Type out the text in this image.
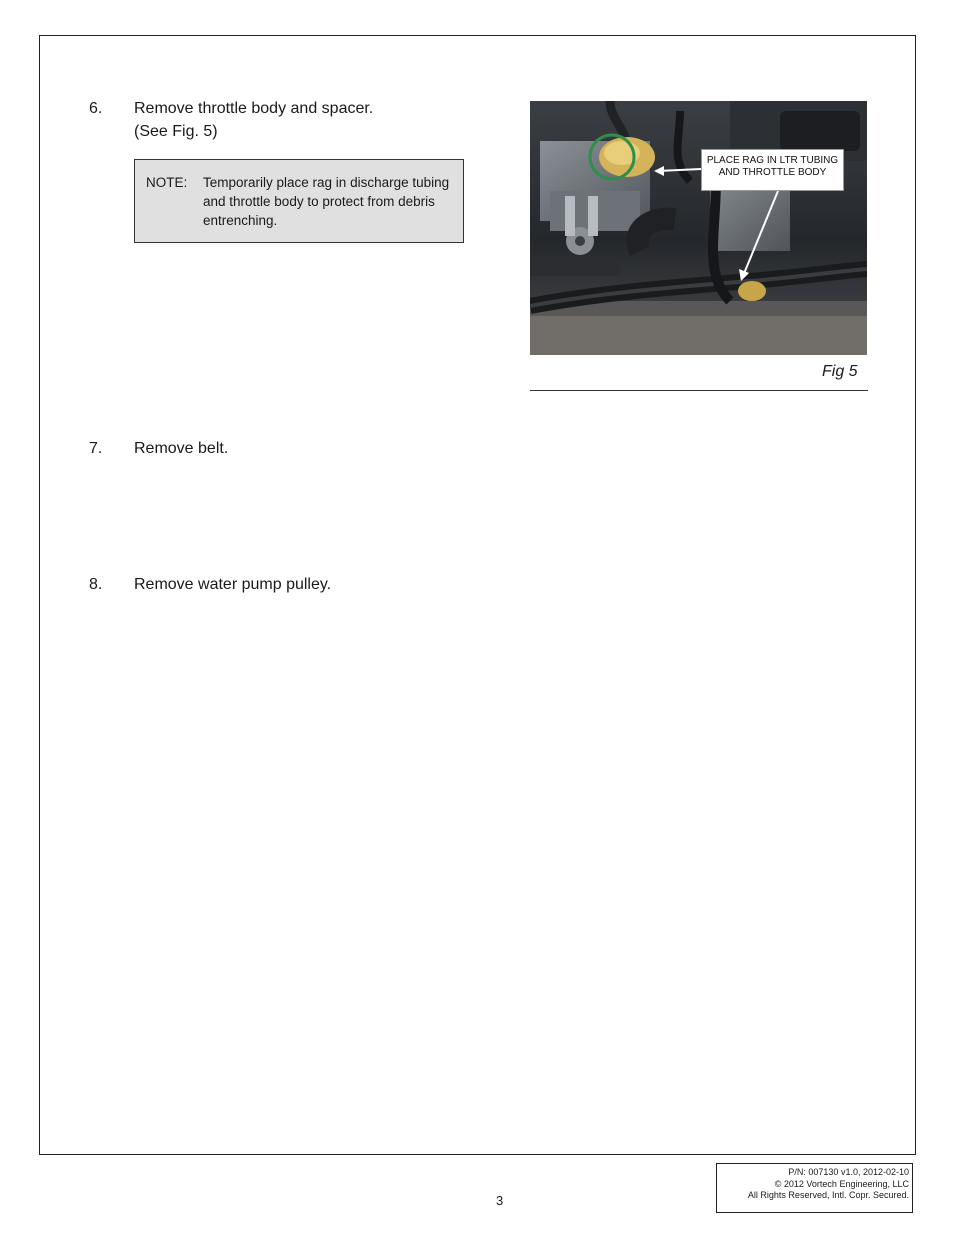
6. Remove throttle body and spacer.
(See Fig. 5)
NOTE: Temporarily place rag in discharge tubing and throttle body to protect from debris entrenching.
PLACE RAG IN LTR TUBING
AND THROTTLE BODY
Fig 5
7. Remove belt.
8. Remove water pump pulley.
3
P/N: 007130 v1.0, 2012-02-10
© 2012 Vortech Engineering, LLC
All Rights Reserved, Intl. Copr. Secured.
